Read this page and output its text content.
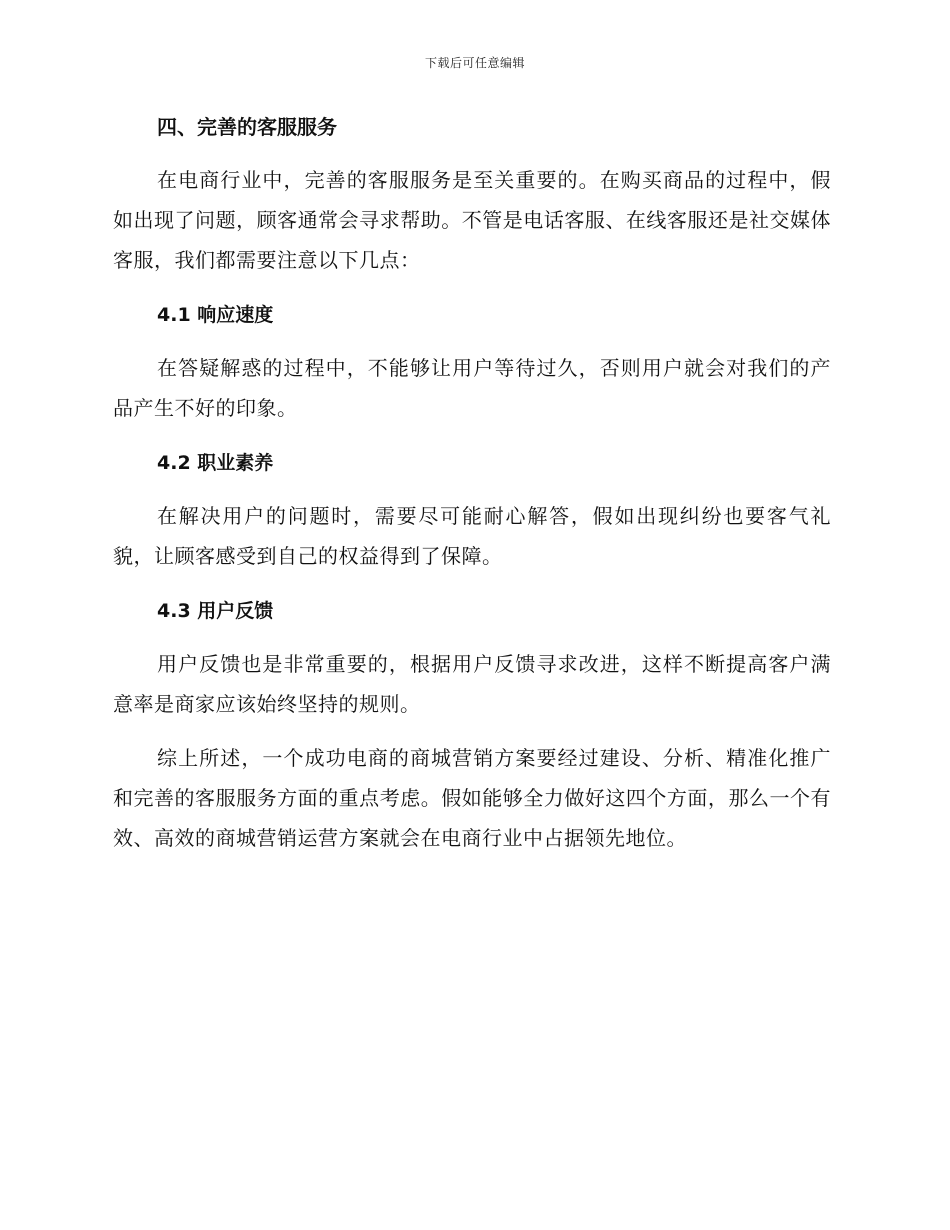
下载后可任意编辑
四、完善的客服服务

在电商行业中，完善的客服服务是至关重要的。在购买商品的过程中，假如出现了问题，顾客通常会寻求帮助。不管是电话客服、在线客服还是社交媒体客服，我们都需要注意以下几点：

4.1 响应速度

在答疑解惑的过程中，不能够让用户等待过久，否则用户就会对我们的产品产生不好的印象。

4.2 职业素养

在解决用户的问题时，需要尽可能耐心解答，假如出现纠纷也要客气礼貌，让顾客感受到自己的权益得到了保障。

4.3 用户反馈

用户反馈也是非常重要的，根据用户反馈寻求改进，这样不断提高客户满意率是商家应该始终坚持的规则。

综上所述，一个成功电商的商城营销方案要经过建设、分析、精准化推广和完善的客服服务方面的重点考虑。假如能够全力做好这四个方面，那么一个有效、高效的商城营销运营方案就会在电商行业中占据领先地位。
